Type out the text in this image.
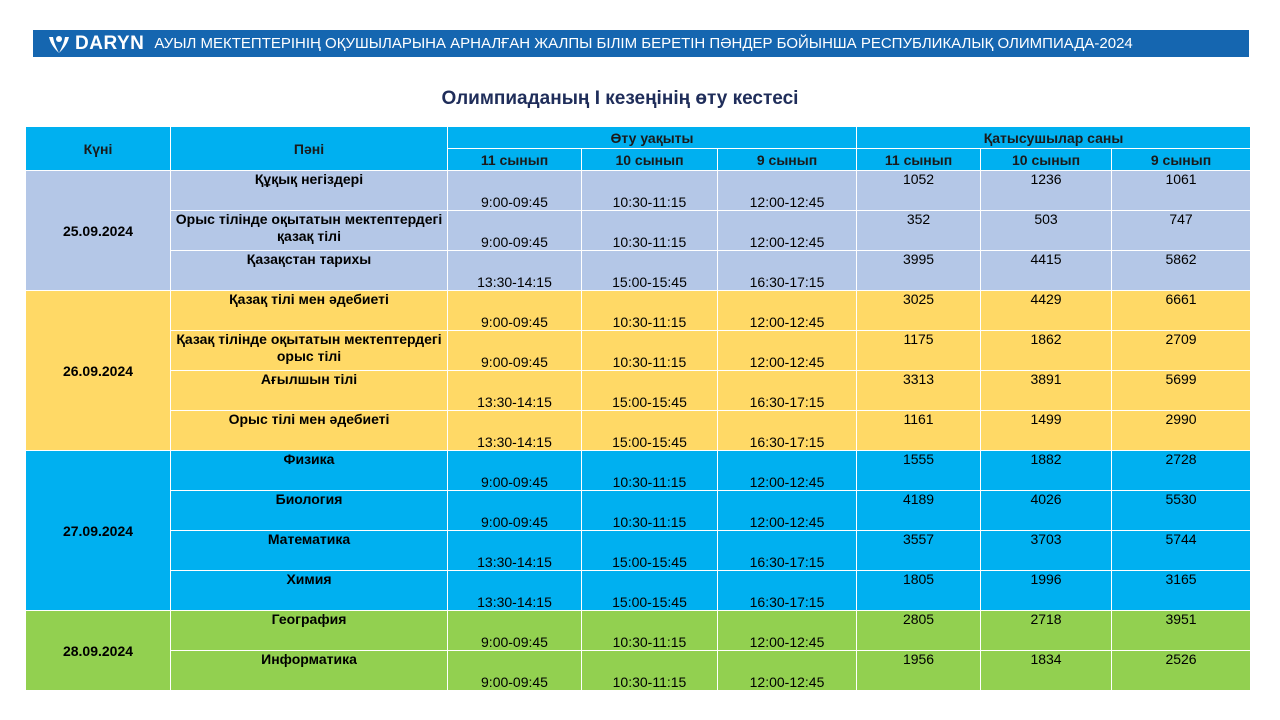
DARYN АУЫЛ МЕКТЕПТЕРІНІҢ ОҚУШЫЛАРЫНА АРНАЛҒАН ЖАЛПЫ БІЛІМ БЕРЕТІН ПӘНДЕР БОЙЫНША РЕСПУБЛИКАЛЫҚ ОЛИМПИАДА-2024
Олимпиаданың І кезеңінің өту кестесі
Күні	Пәні	Өту уақыты			Қатысушылар саны		
		11 сынып	10 сынып	9 сынып	11 сынып	10 сынып	9 сынып
25.09.2024	Құқық негіздері	9:00-09:45	10:30-11:15	12:00-12:45	1052	1236	1061
	Орыс тілінде оқытатын мектептердегі қазақ тілі	9:00-09:45	10:30-11:15	12:00-12:45	352	503	747
	Қазақстан тарихы	13:30-14:15	15:00-15:45	16:30-17:15	3995	4415	5862
26.09.2024	Қазақ тілі мен әдебиеті	9:00-09:45	10:30-11:15	12:00-12:45	3025	4429	6661
	Қазақ тілінде оқытатын мектептердегі орыс тілі	9:00-09:45	10:30-11:15	12:00-12:45	1175	1862	2709
	Ағылшын тілі	13:30-14:15	15:00-15:45	16:30-17:15	3313	3891	5699
	Орыс тілі мен әдебиеті	13:30-14:15	15:00-15:45	16:30-17:15	1161	1499	2990
27.09.2024	Физика	9:00-09:45	10:30-11:15	12:00-12:45	1555	1882	2728
	Биология	9:00-09:45	10:30-11:15	12:00-12:45	4189	4026	5530
	Математика	13:30-14:15	15:00-15:45	16:30-17:15	3557	3703	5744
	Химия	13:30-14:15	15:00-15:45	16:30-17:15	1805	1996	3165
28.09.2024	География	9:00-09:45	10:30-11:15	12:00-12:45	2805	2718	3951
	Информатика	9:00-09:45	10:30-11:15	12:00-12:45	1956	1834	2526
